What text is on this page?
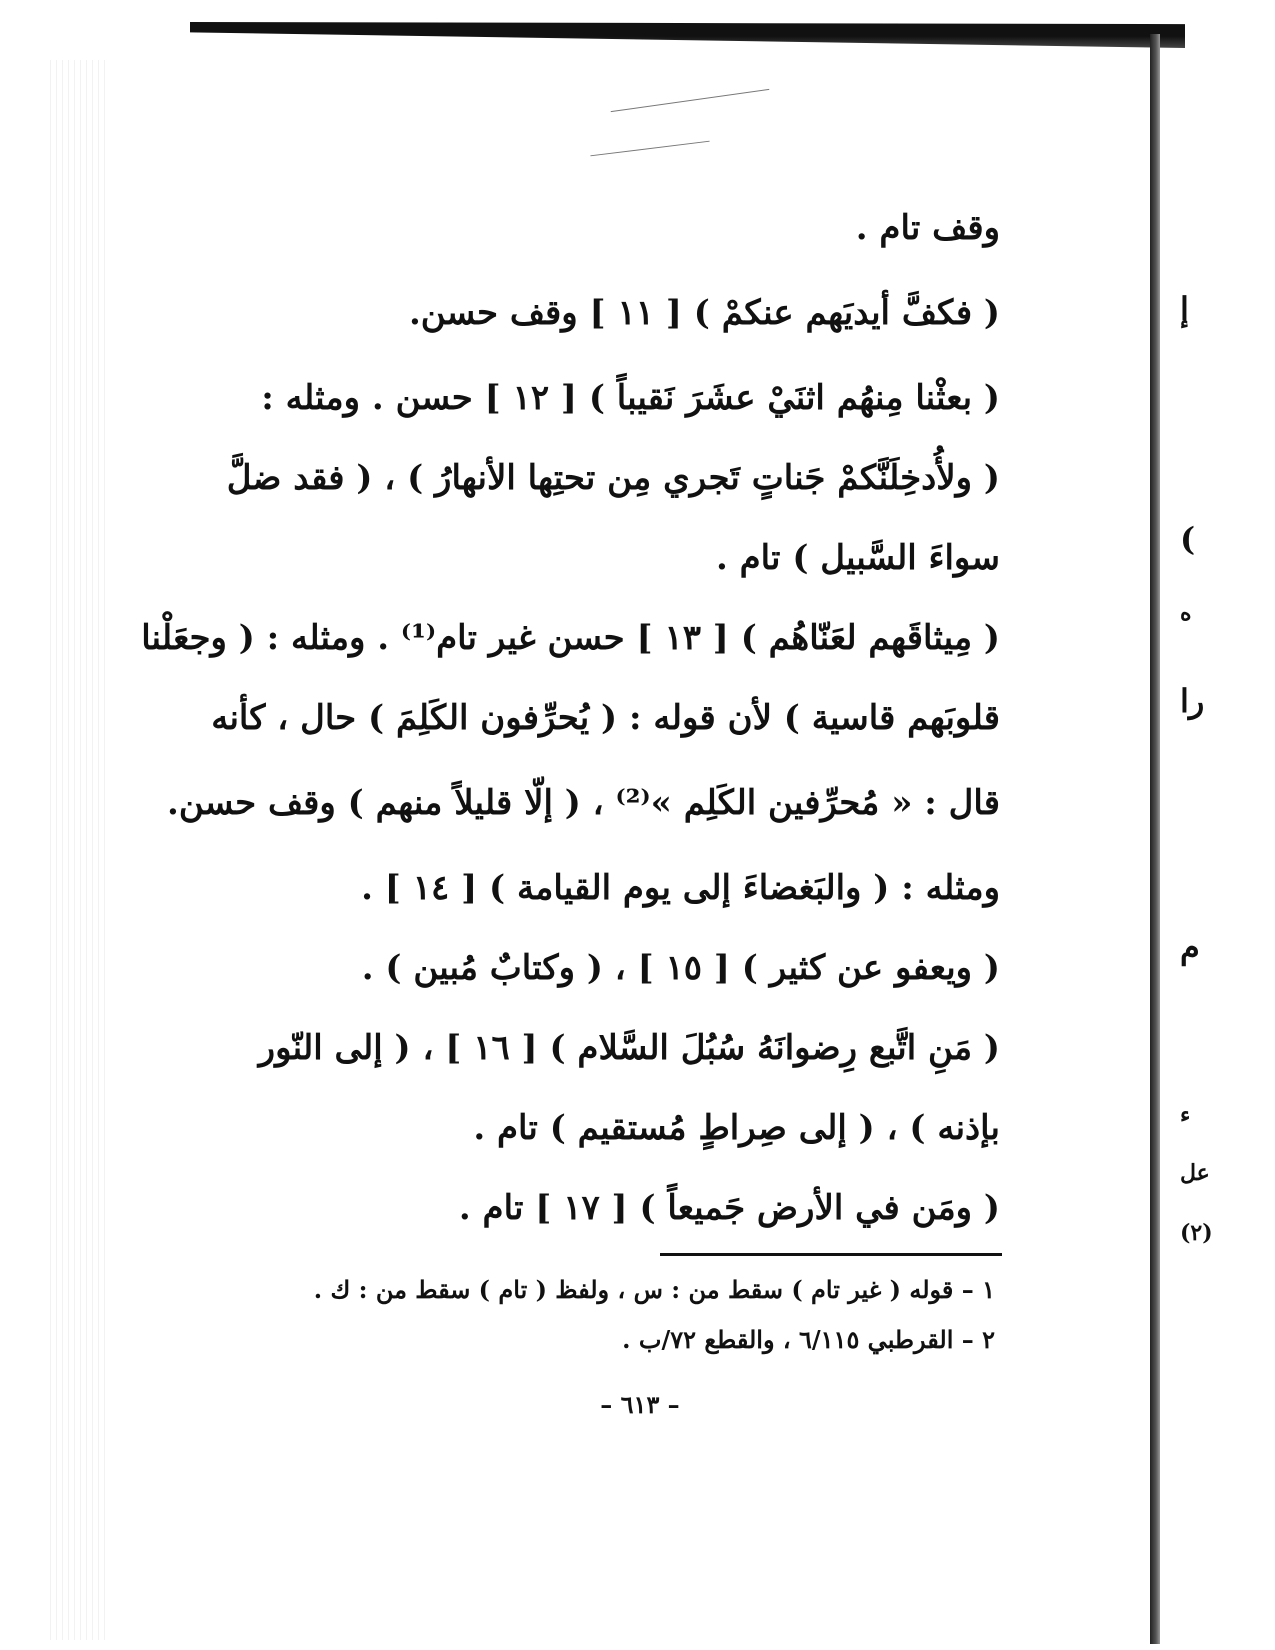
وقف تام .
( فكفَّ أيديَهم عنكمْ ) [ ١١ ] وقف حسن.
( بعثْنا مِنهُم اثنَيْ عشَرَ نَقيباً ) [ ١٢ ] حسن . ومثله :
( ولأُدخِلَنَّكمْ جَناتٍ تَجري مِن تحتِها الأنهارُ ) ، ( فقد ضلَّ
سواءَ السَّبيل ) تام .
( مِيثاقَهم لعَنّاهُم ) [ ١٣ ] حسن غير تام⁽¹⁾ . ومثله : ( وجعَلْنا
قلوبَهم قاسية ) لأن قوله : ( يُحرِّفون الكَلِمَ ) حال ، كأنه
قال : « مُحرِّفين الكَلِم »⁽²⁾ ، ( إلّا قليلاً منهم ) وقف حسن.
ومثله : ( والبَغضاءَ إلى يوم القيامة ) [ ١٤ ] .
( ويعفو عن كثير ) [ ١٥ ] ، ( وكتابٌ مُبين ) .
( مَنِ اتَّبع رِضوانَهُ سُبُلَ السَّلام ) [ ١٦ ] ، ( إلى النّور
بإذنه ) ، ( إلى صِراطٍ مُستقيم ) تام .
( ومَن في الأرض جَميعاً ) [ ١٧ ] تام .
١ – قوله ( غير تام ) سقط من : س ، ولفظ ( تام ) سقط من : ك .
٢ – القرطبي ٦/١١٥ ، والقطع ٧٢/ب .
– ٦١٣ –
إ
)
ه
را
م
ء
عل
(٢)
